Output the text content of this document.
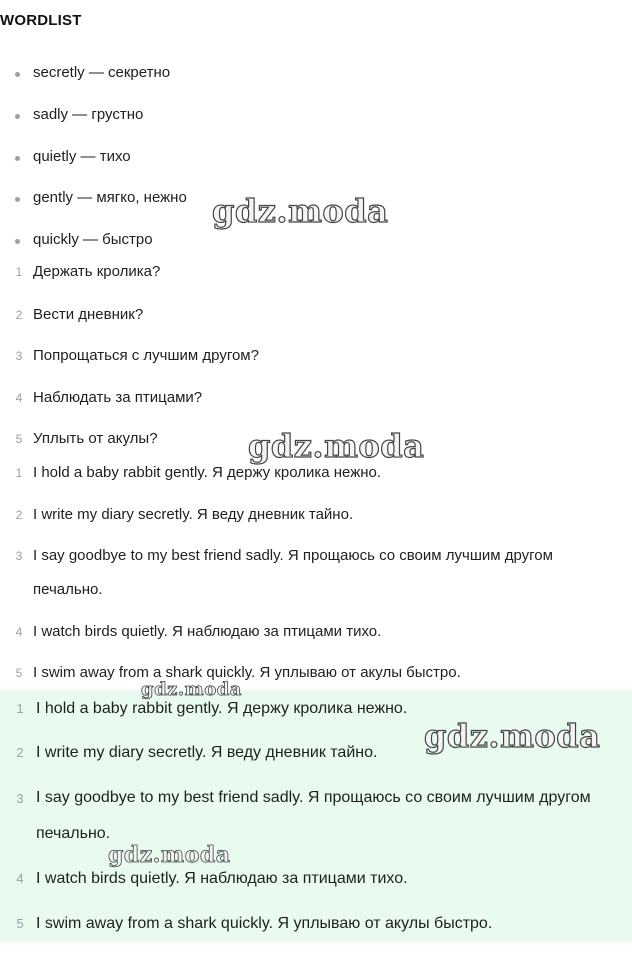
WORDLIST
secretly — секретно
sadly — грустно
quietly — тихо
gently — мягко, нежно
quickly — быстро
1 Держать кролика?
2 Вести дневник?
3 Попрощаться с лучшим другом?
4 Наблюдать за птицами?
5 Уплыть от акулы?
1 I hold a baby rabbit gently. Я держу кролика нежно.
2 I write my diary secretly. Я веду дневник тайно.
3 I say goodbye to my best friend sadly. Я прощаюсь со своим лучшим другом печально.
4 I watch birds quietly. Я наблюдаю за птицами тихо.
5 I swim away from a shark quickly. Я уплываю от акулы быстро.
1 I hold a baby rabbit gently. Я держу кролика нежно.
2 I write my diary secretly. Я веду дневник тайно.
3 I say goodbye to my best friend sadly. Я прощаюсь со своим лучшим другом печально.
4 I watch birds quietly. Я наблюдаю за птицами тихо.
5 I swim away from a shark quickly. Я уплываю от акулы быстро.
gdz.moda
gdz.moda
gdz.moda
gdz.moda
gdz.moda
